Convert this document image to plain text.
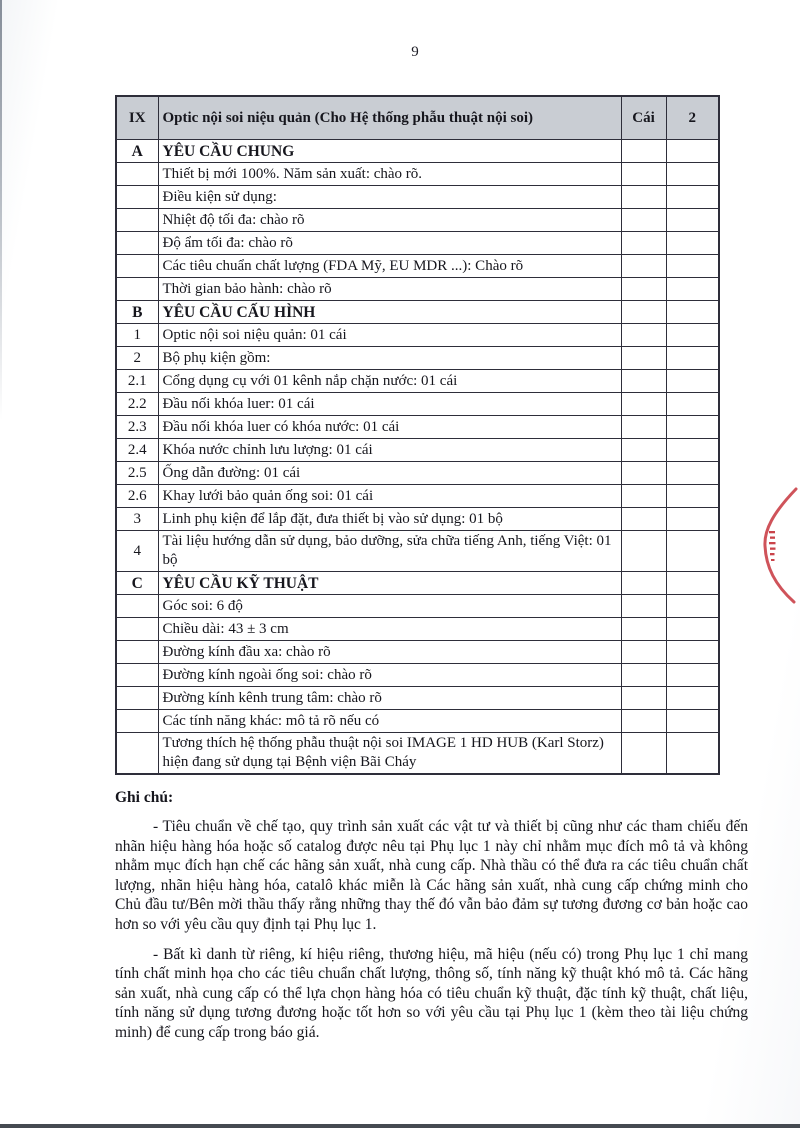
9
IX	Optic nội soi niệu quản (Cho Hệ thống phẫu thuật nội soi)	Cái	2
A	YÊU CẦU CHUNG		
	Thiết bị mới 100%. Năm sản xuất: chào rõ.		
	Điều kiện sử dụng:		
	Nhiệt độ tối đa: chào rõ		
	Độ ẩm tối đa: chào rõ		
	Các tiêu chuẩn chất lượng (FDA Mỹ, EU MDR ...): Chào rõ		
	Thời gian bảo hành: chào rõ		
B	YÊU CẦU CẤU HÌNH		
1	Optic nội soi niệu quản: 01 cái		
2	Bộ phụ kiện gồm:		
2.1	Cổng dụng cụ với 01 kênh nắp chặn nước: 01 cái		
2.2	Đầu nối khóa luer: 01 cái		
2.3	Đầu nối khóa luer có khóa nước: 01 cái		
2.4	Khóa nước chỉnh lưu lượng: 01 cái		
2.5	Ống dẫn đường: 01 cái		
2.6	Khay lưới bảo quản ống soi: 01 cái		
3	Linh phụ kiện để lắp đặt, đưa thiết bị vào sử dụng: 01 bộ		
4	Tài liệu hướng dẫn sử dụng, bảo dưỡng, sửa chữa tiếng Anh, tiếng Việt: 01 bộ		
C	YÊU CẦU KỸ THUẬT		
	Góc soi: 6 độ		
	Chiều dài: 43 ± 3 cm		
	Đường kính đầu xa: chào rõ		
	Đường kính ngoài ống soi: chào rõ		
	Đường kính kênh trung tâm: chào rõ		
	Các tính năng khác: mô tả rõ nếu có		
	Tương thích hệ thống phẫu thuật nội soi IMAGE 1 HD HUB (Karl Storz) hiện đang sử dụng tại Bệnh viện Bãi Cháy		
Ghi chú:

- Tiêu chuẩn về chế tạo, quy trình sản xuất các vật tư và thiết bị cũng như các tham chiếu đến nhãn hiệu hàng hóa hoặc số catalog được nêu tại Phụ lục 1 này chỉ nhằm mục đích mô tả và không nhằm mục đích hạn chế các hãng sản xuất, nhà cung cấp. Nhà thầu có thể đưa ra các tiêu chuẩn chất lượng, nhãn hiệu hàng hóa, catalô khác miễn là Các hãng sản xuất, nhà cung cấp chứng minh cho Chủ đầu tư/Bên mời thầu thấy rằng những thay thế đó vẫn bảo đảm sự tương đương cơ bản hoặc cao hơn so với yêu cầu quy định tại Phụ lục 1.

- Bất kì danh từ riêng, kí hiệu riêng, thương hiệu, mã hiệu (nếu có) trong Phụ lục 1 chỉ mang tính chất minh họa cho các tiêu chuẩn chất lượng, thông số, tính năng kỹ thuật khó mô tả. Các hãng sản xuất, nhà cung cấp có thể lựa chọn hàng hóa có tiêu chuẩn kỹ thuật, đặc tính kỹ thuật, chất liệu, tính năng sử dụng tương đương hoặc tốt hơn so với yêu cầu tại Phụ lục 1 (kèm theo tài liệu chứng minh) để cung cấp trong báo giá.
